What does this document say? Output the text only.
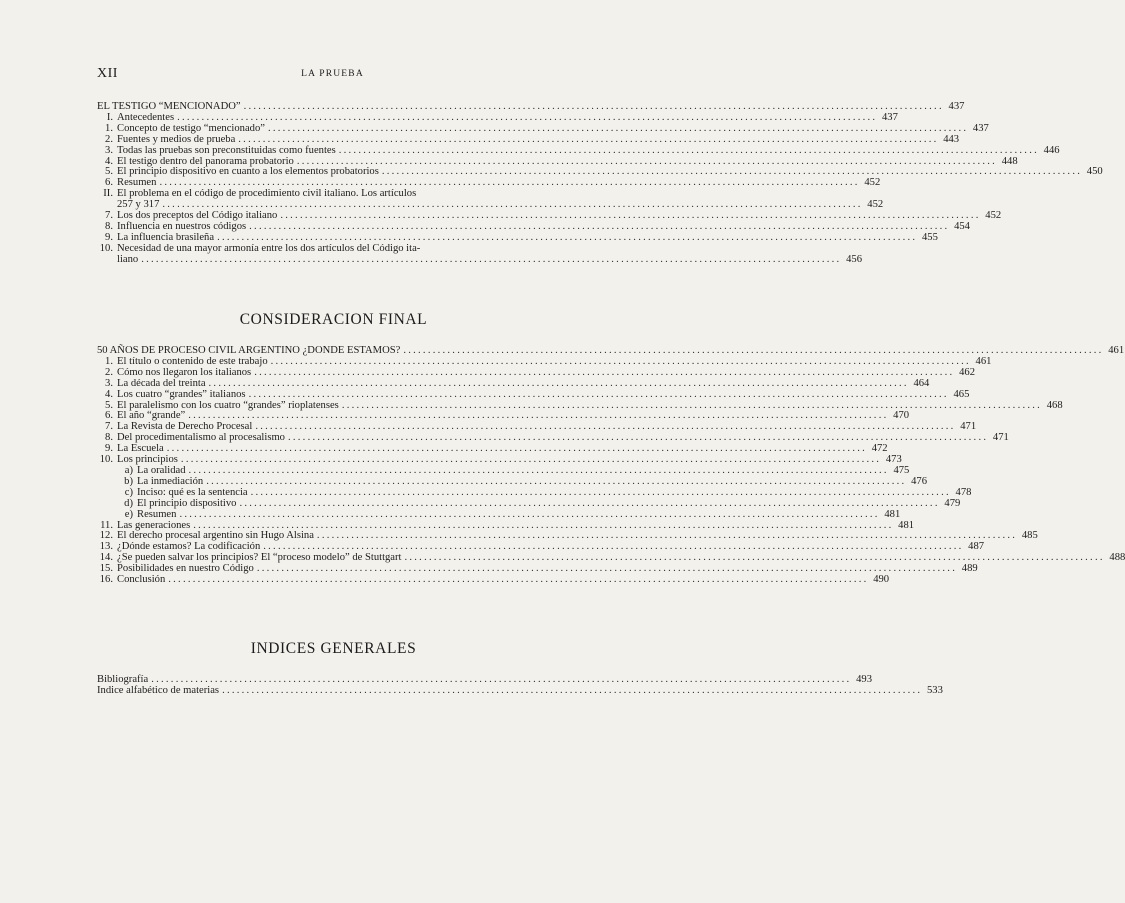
XII	LA PRUEBA
EL TESTIGO “MENCIONADO” . . .	437
I. Antecedentes . . .	437
1. Concepto de testigo “mencionado” . . .	437
2. Fuentes y medios de prueba . . .	443
3. Todas las pruebas son preconstituidas como fuentes . . .	446
4. El testigo dentro del panorama probatorio . . .	448
5. El principio dispositivo en cuanto a los elementos probatorios . . .	450
6. Resumen . . .	452
II. El problema en el código de procedimiento civil italiano. Los artículos
257 y 317 . . .	452
7. Los dos preceptos del Código italiano . . .	452
8. Influencia en nuestros códigos . . .	454
9. La influencia brasileña . . .	455
10. Necesidad de una mayor armonía entre los dos artículos del Código ita-
liano . . .	456
CONSIDERACION FINAL
50 AÑOS DE PROCESO CIVIL ARGENTINO ¿DONDE ESTAMOS? . . .	461
1. El título o contenido de este trabajo . . .	461
2. Cómo nos llegaron los italianos . . .	462
3. La década del treinta . . .	464
4. Los cuatro “grandes” italianos . . .	465
5. El paralelismo con los cuatro “grandes” rioplatenses . . .	468
6. El año “grande” . . .	470
7. La Revista de Derecho Procesal . . .	471
8. Del procedimentalismo al procesalismo . . .	471
9. La Escuela . . .	472
10. Los principios . . .	473
a) La oralidad . . .	475
b) La inmediación . . .	476
c) Inciso: qué es la sentencia . . .	478
d) El principio dispositivo . . .	479
e) Resumen . . .	481
11. Las generaciones . . .	481
12. El derecho procesal argentino sin Hugo Alsina . . .	485
13. ¿Dónde estamos? La codificación . . .	487
14. ¿Se pueden salvar los principios? El “proceso modelo” de Stuttgart . . .	488
15. Posibilidades en nuestro Código . . .	489
16. Conclusión . . .	490
INDICES GENERALES
Bibliografía . . .	493
Indice alfabético de materias . . .	533
